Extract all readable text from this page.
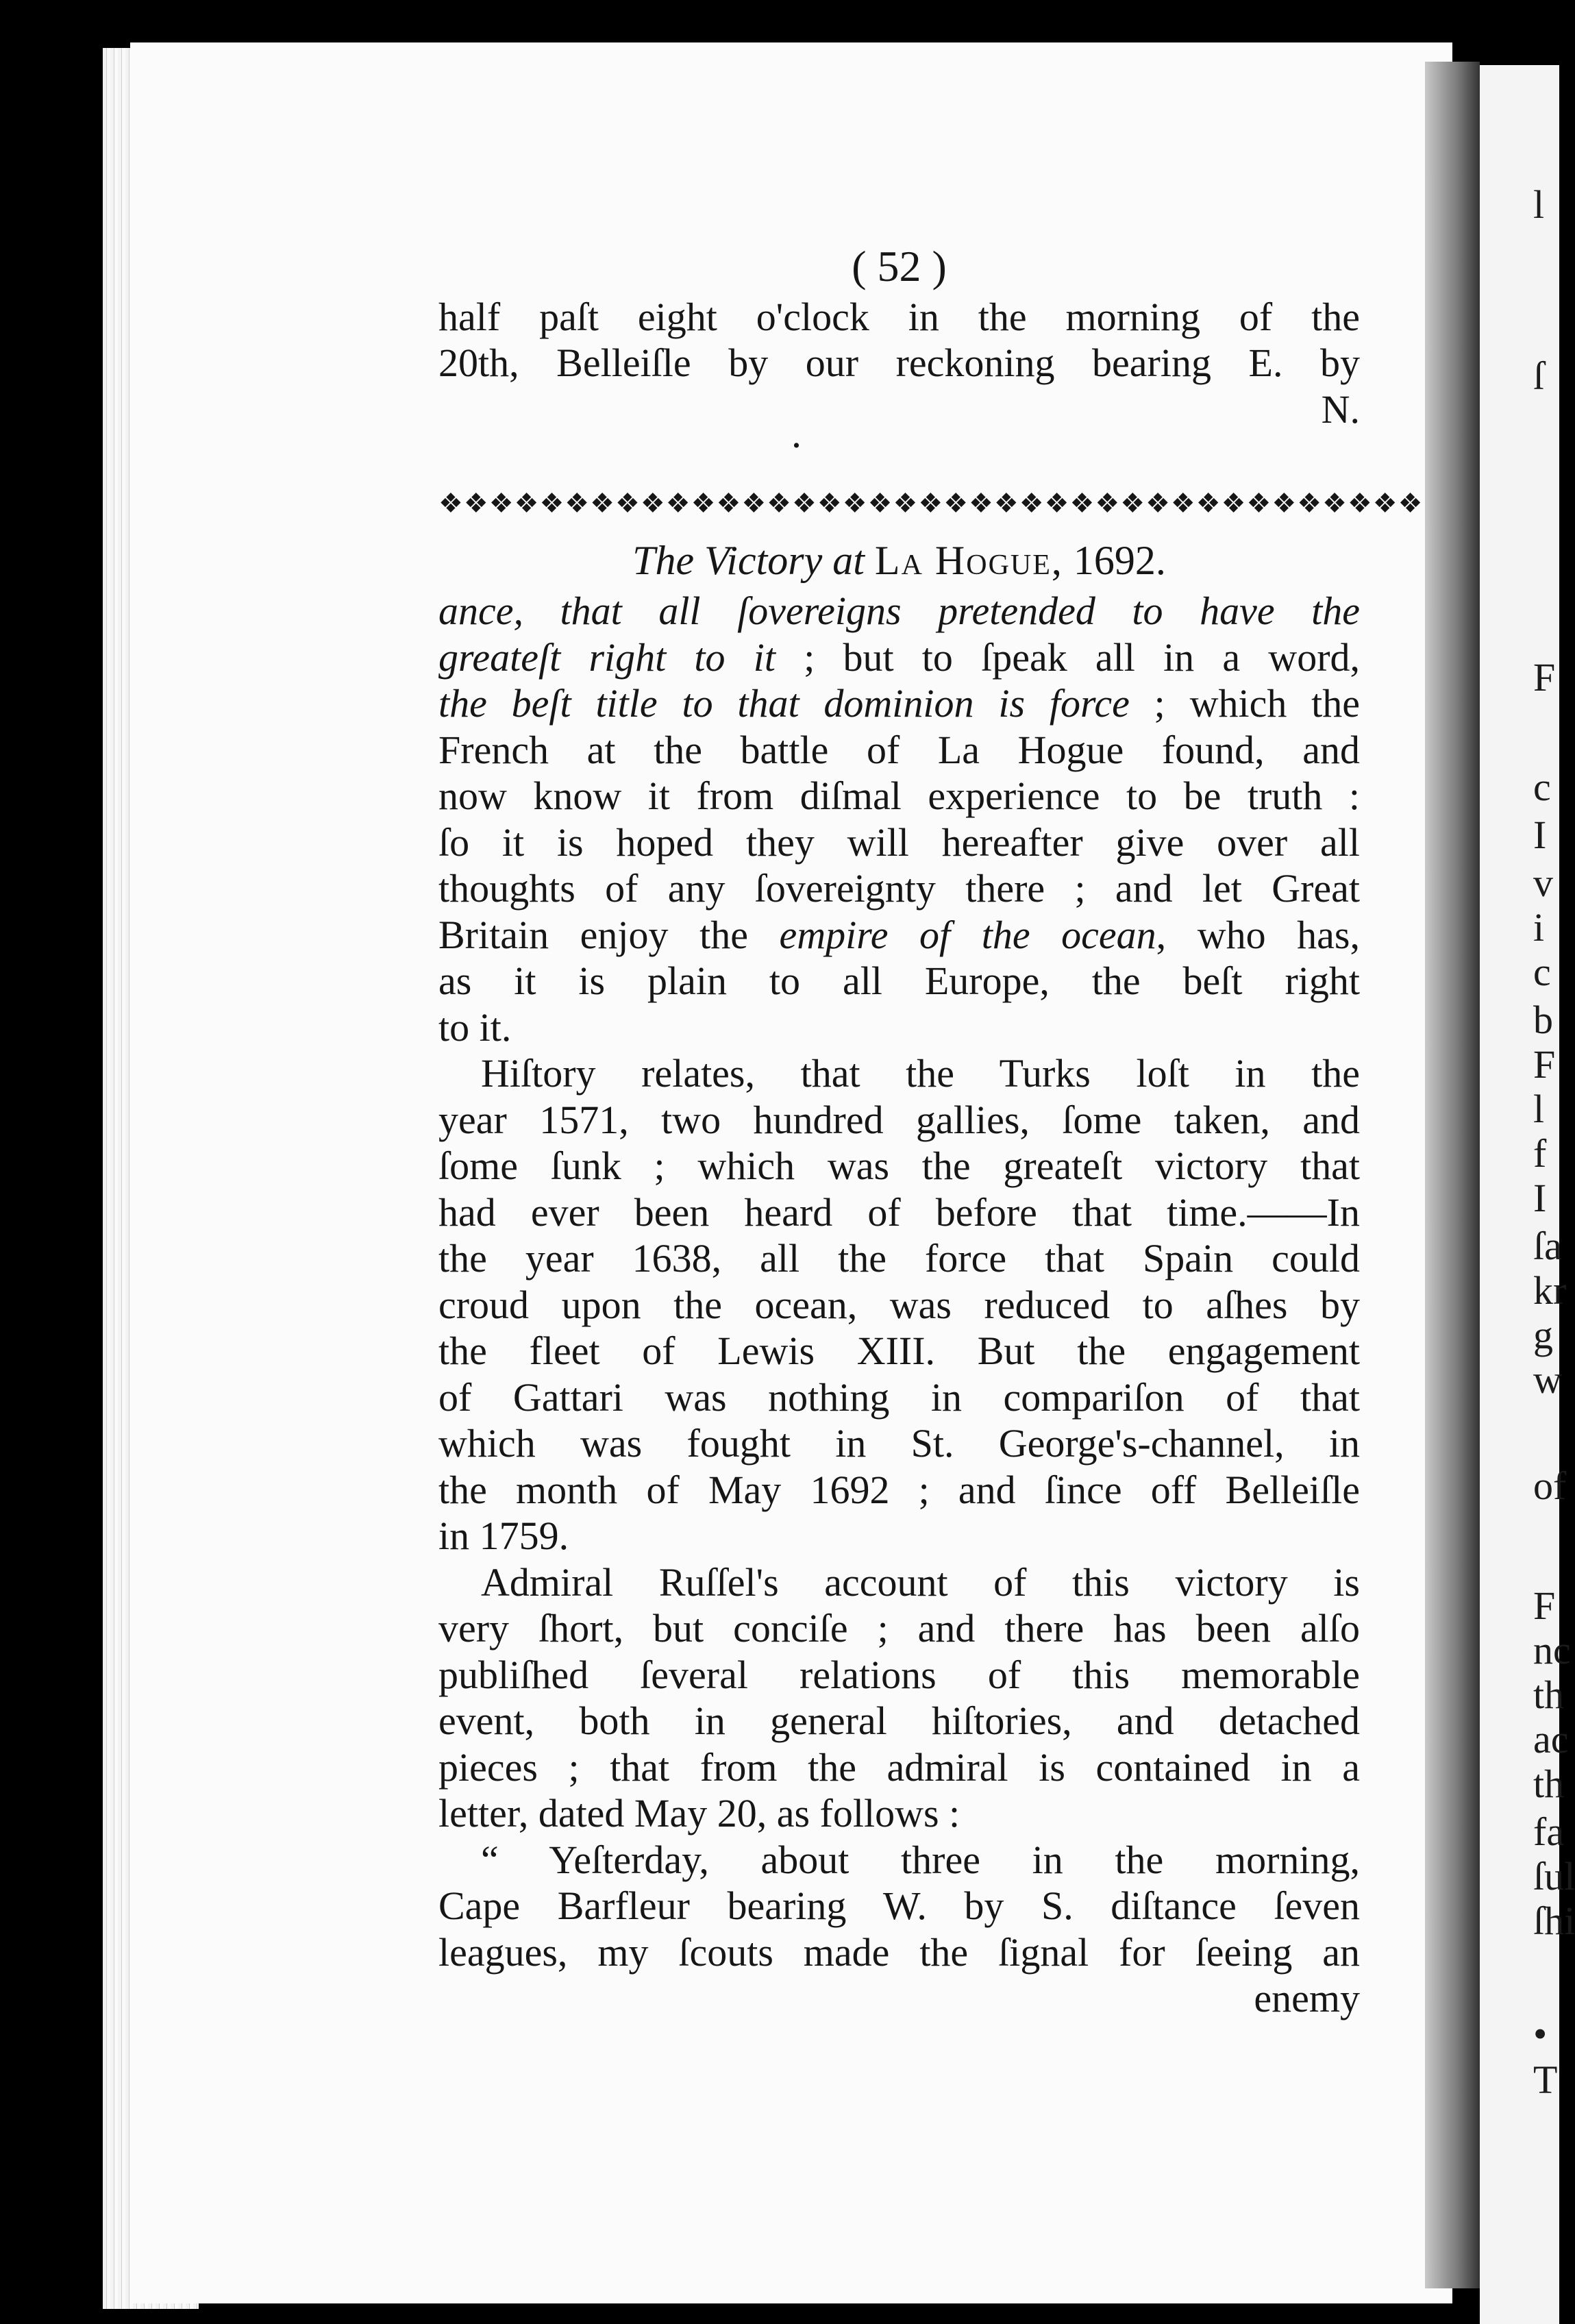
l
ſ
c
I
v
i
c
b
F
l
f
I
ſa
kr
g
w
of
F
nc
th
ac
th
fa
ſul
ſhi
• T
F
( 52 )
half paſt eight o'clock in the morning of the
20th, Belleiſle by our reckoning bearing E. by
N.
•
❖❖❖❖❖❖❖❖❖❖❖❖❖❖❖❖❖❖❖❖❖❖❖❖❖❖❖❖❖❖❖❖❖❖❖❖❖❖❖
The Victory at La Hogue, 1692.
ance, that all ſovereigns pretended to have the
greateſt right to it ; but to ſpeak all in a word,
the beſt title to that dominion is force ; which the
French at the battle of La Hogue found, and
now know it from diſmal experience to be truth :
ſo it is hoped they will hereafter give over all
thoughts of any ſovereignty there ; and let Great
Britain enjoy the empire of the ocean, who has,
as it is plain to all Europe, the beſt right
to it.
Hiſtory relates, that the Turks loſt in the
year 1571, two hundred gallies, ſome taken, and
ſome ſunk ; which was the greateſt victory that
had ever been heard of before that time.——In
the year 1638, all the force that Spain could
croud upon the ocean, was reduced to aſhes by
the fleet of Lewis XIII. But the engagement
of Gattari was nothing in compariſon of that
which was fought in St. George's-channel, in
the month of May 1692 ; and ſince off Belleiſle
in 1759.
Admiral Ruſſel's account of this victory is
very ſhort, but conciſe ; and there has been alſo
publiſhed ſeveral relations of this memorable
event, both in general hiſtories, and detached
pieces ; that from the admiral is contained in a
letter, dated May 20, as follows :
“ Yeſterday, about three in the morning,
Cape Barfleur bearing W. by S. diſtance ſeven
leagues, my ſcouts made the ſignal for ſeeing an
enemy
